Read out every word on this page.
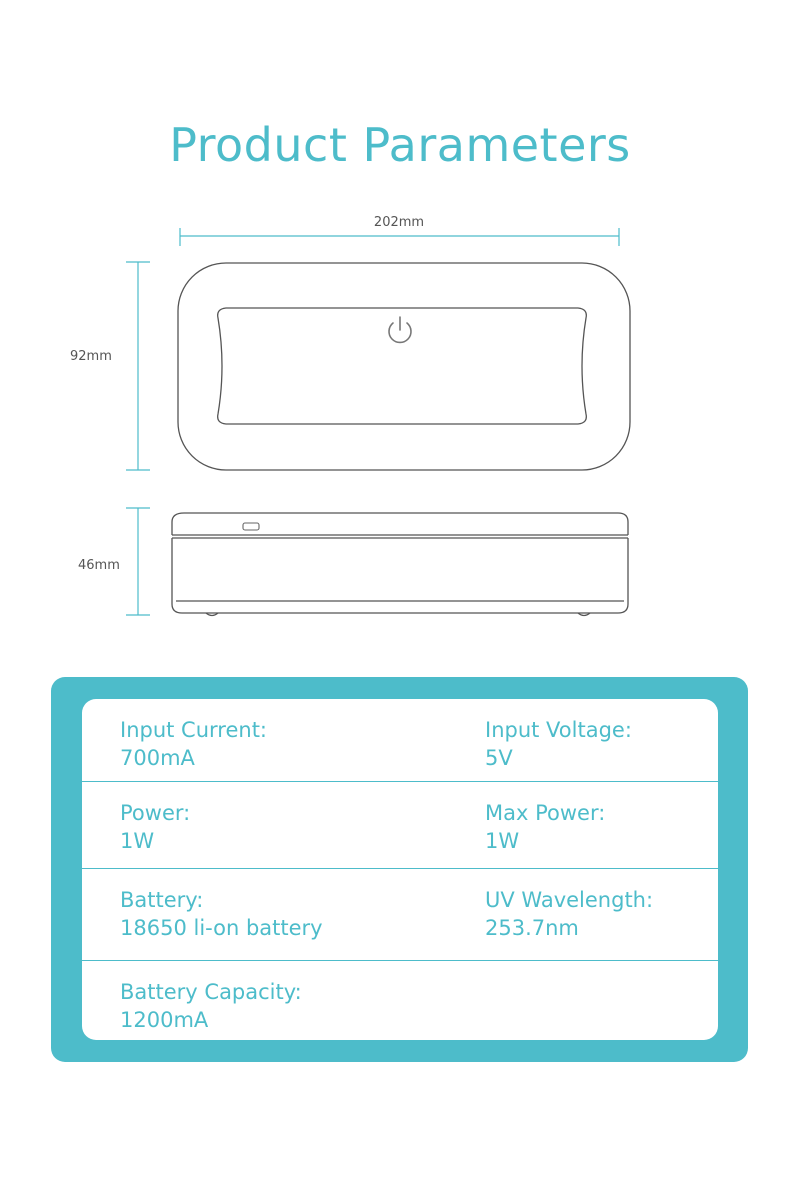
Product Parameters
202mm
92mm
46mm
Input Current:
700mA
Input Voltage:
5V
Power:
1W
Max Power:
1W
Battery:
18650 li-on battery
UV Wavelength:
253.7nm
Battery Capacity:
1200mA
